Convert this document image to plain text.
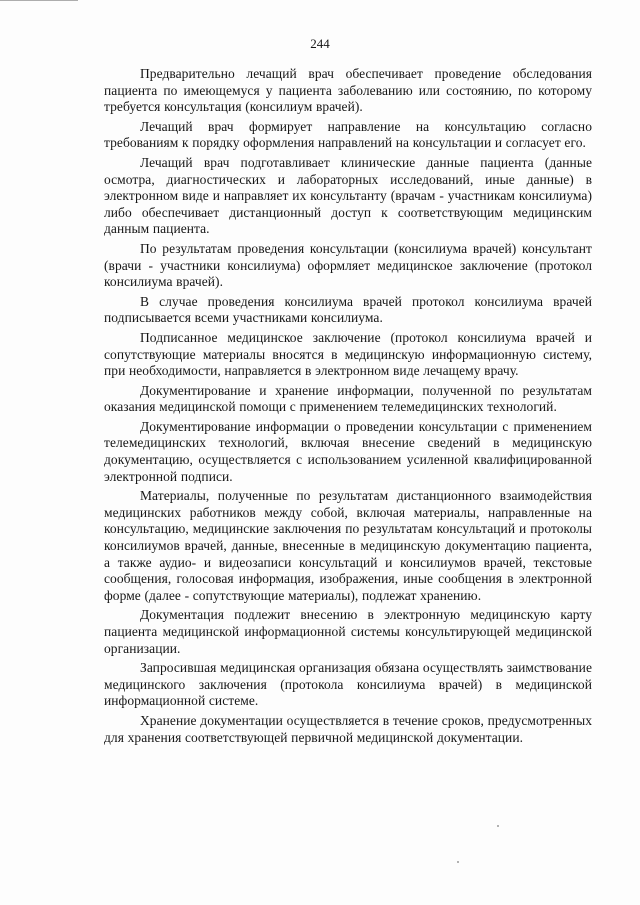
244

Предварительно лечащий врач обеспечивает проведение обследования пациента по имеющемуся у пациента заболеванию или состоянию, по которому требуется консультация (консилиум врачей).

Лечащий врач формирует направление на консультацию согласно требованиям к порядку оформления направлений на консультации и согласует его.

Лечащий врач подготавливает клинические данные пациента (данные осмотра, диагностических и лабораторных исследований, иные данные) в электронном виде и направляет их консультанту (врачам - участникам консилиума) либо обеспечивает дистанционный доступ к соответствующим медицинским данным пациента.

По результатам проведения консультации (консилиума врачей) консультант (врачи - участники консилиума) оформляет медицинское заключение (протокол консилиума врачей).

В случае проведения консилиума врачей протокол консилиума врачей подписывается всеми участниками консилиума.

Подписанное медицинское заключение (протокол консилиума врачей и сопутствующие материалы вносятся в медицинскую информационную систему, при необходимости, направляется в электронном виде лечащему врачу.

Документирование и хранение информации, полученной по результатам оказания медицинской помощи с применением телемедицинских технологий.

Документирование информации о проведении консультации с применением телемедицинских технологий, включая внесение сведений в медицинскую документацию, осуществляется с использованием усиленной квалифицированной электронной подписи.

Материалы, полученные по результатам дистанционного взаимодействия медицинских работников между собой, включая материалы, направленные на консультацию, медицинские заключения по результатам консультаций и протоколы консилиумов врачей, данные, внесенные в медицинскую документацию пациента, а также аудио- и видеозаписи консультаций и консилиумов врачей, текстовые сообщения, голосовая информация, изображения, иные сообщения в электронной форме (далее - сопутствующие материалы), подлежат хранению.

Документация подлежит внесению в электронную медицинскую карту пациента медицинской информационной системы консультирующей медицинской организации.

Запросившая медицинская организация обязана осуществлять заимствование медицинского заключения (протокола консилиума врачей) в медицинской информационной системе.

Хранение документации осуществляется в течение сроков, предусмотренных для хранения соответствующей первичной медицинской документации.
